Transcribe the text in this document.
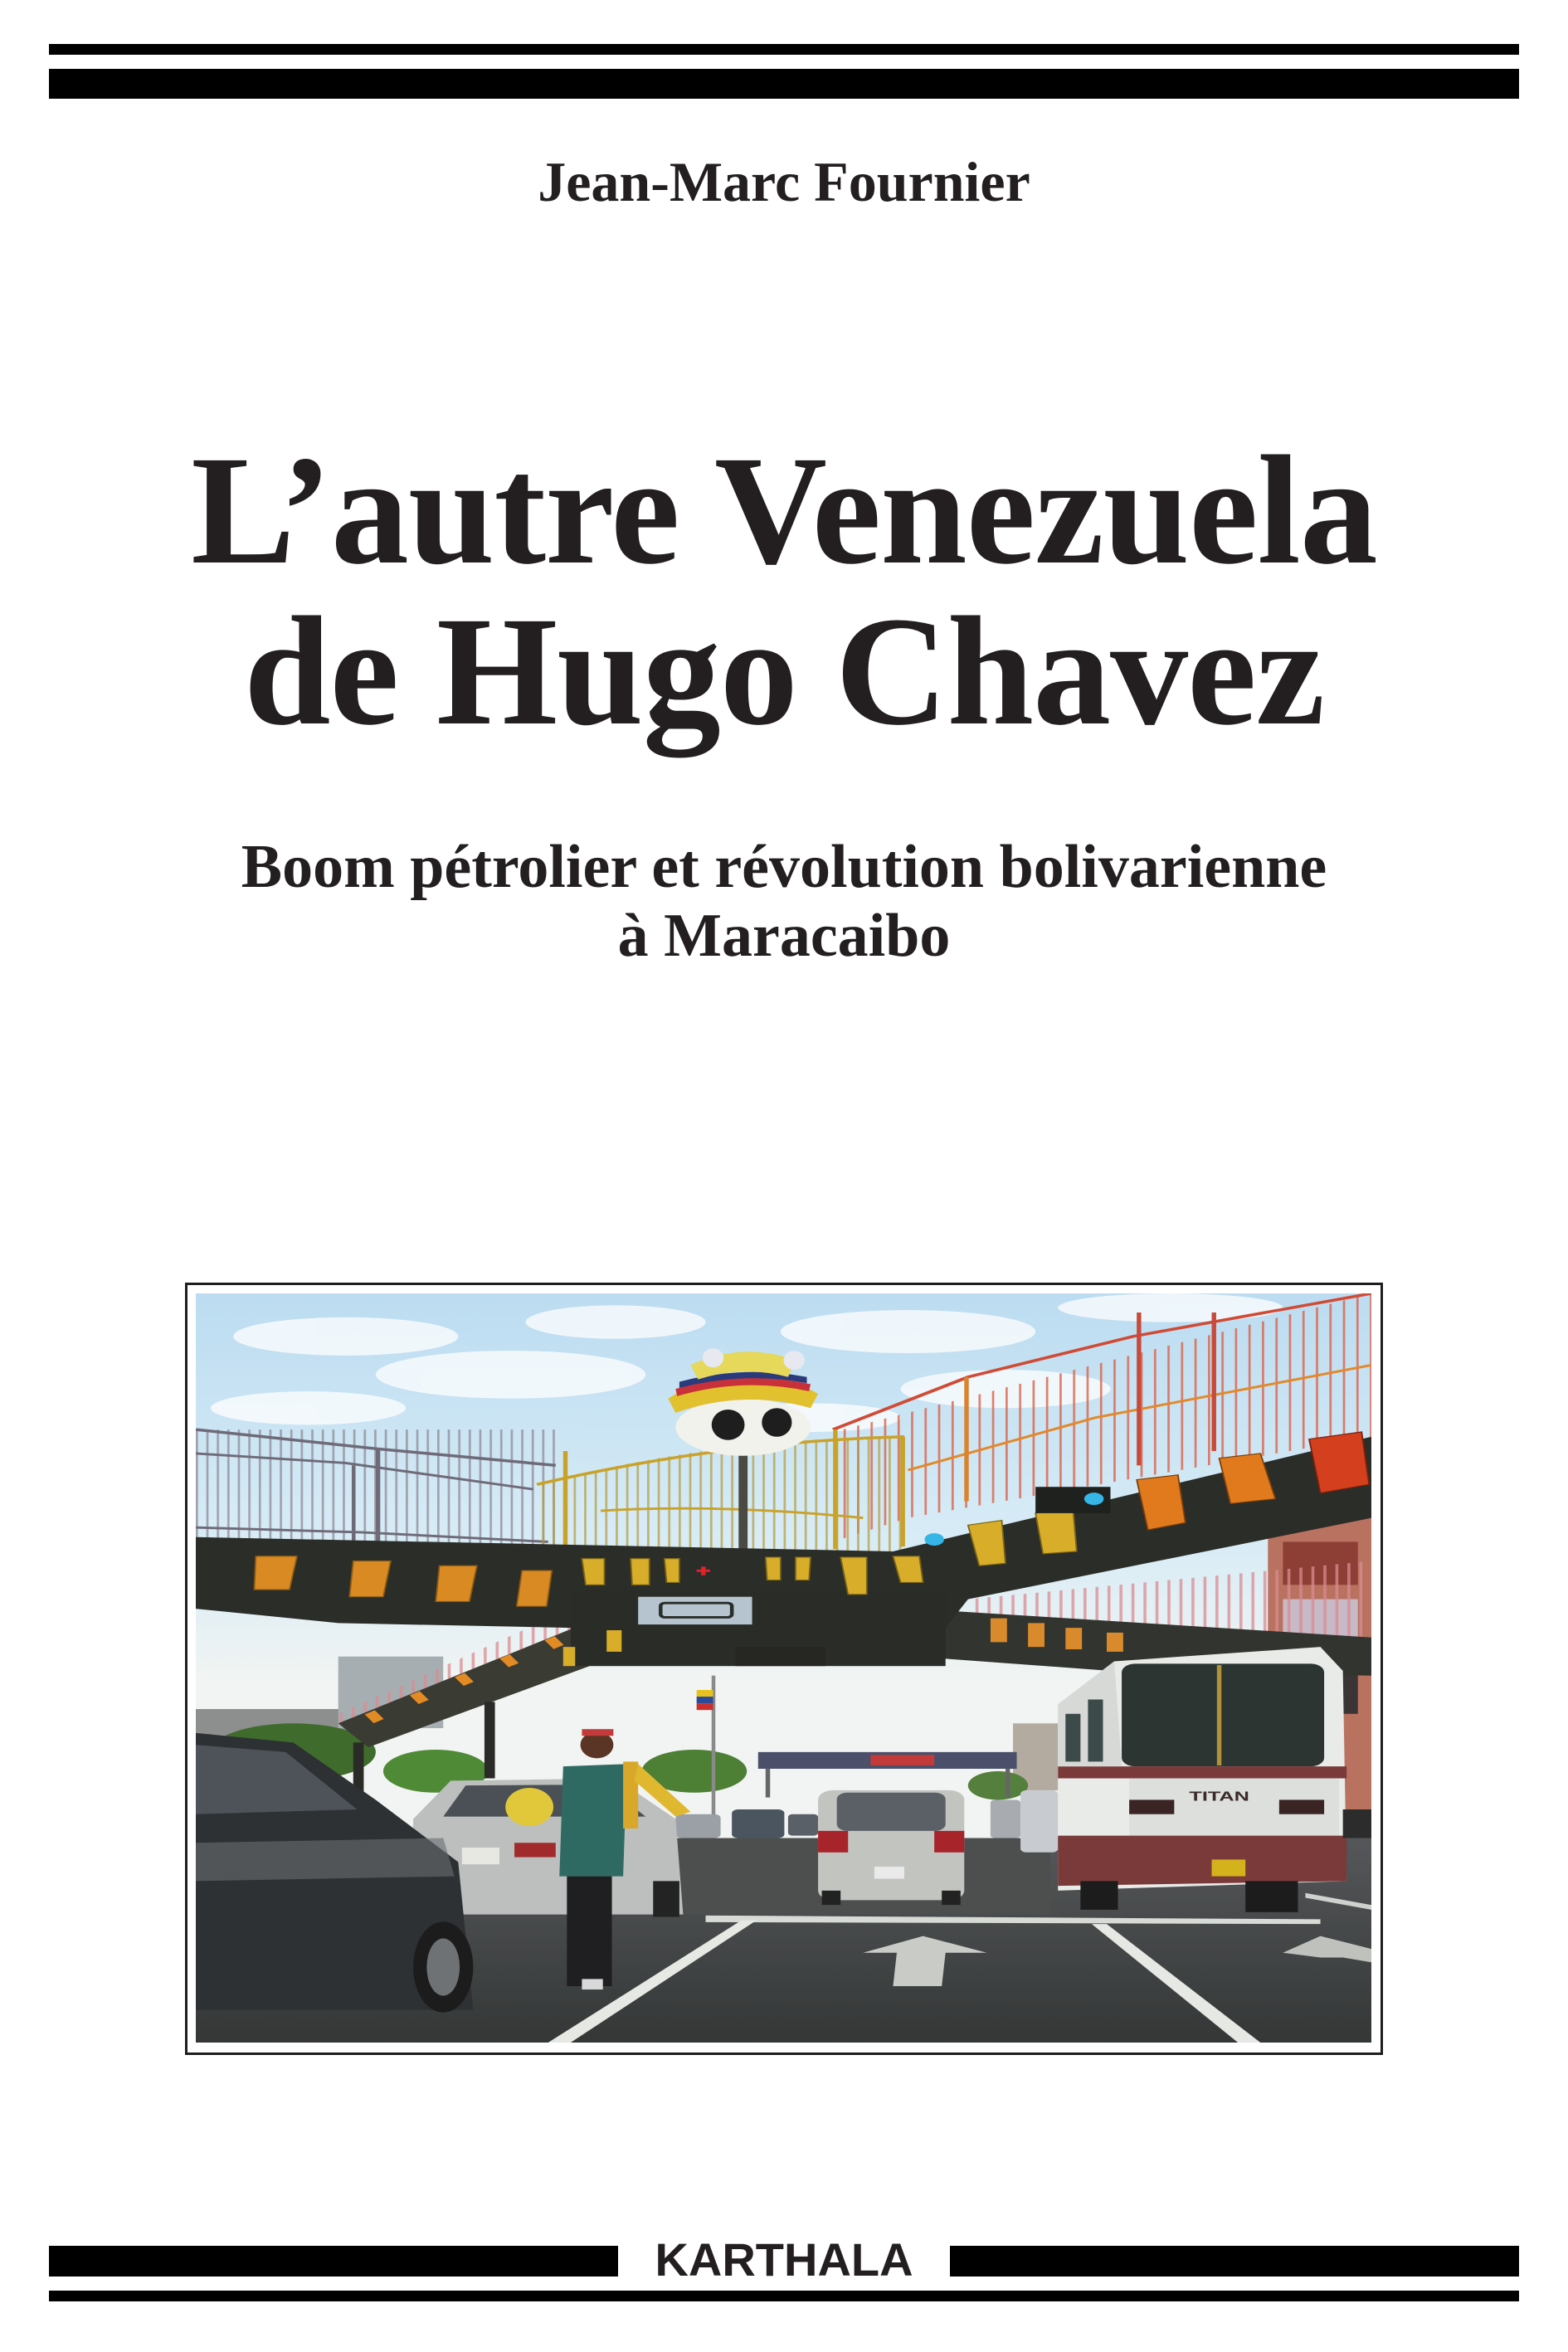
Jean-Marc Fournier
L’autre Venezuela
de Hugo Chavez
Boom pétrolier et révolution bolivarienne
à Maracaibo
TITAN
KARTHALA
